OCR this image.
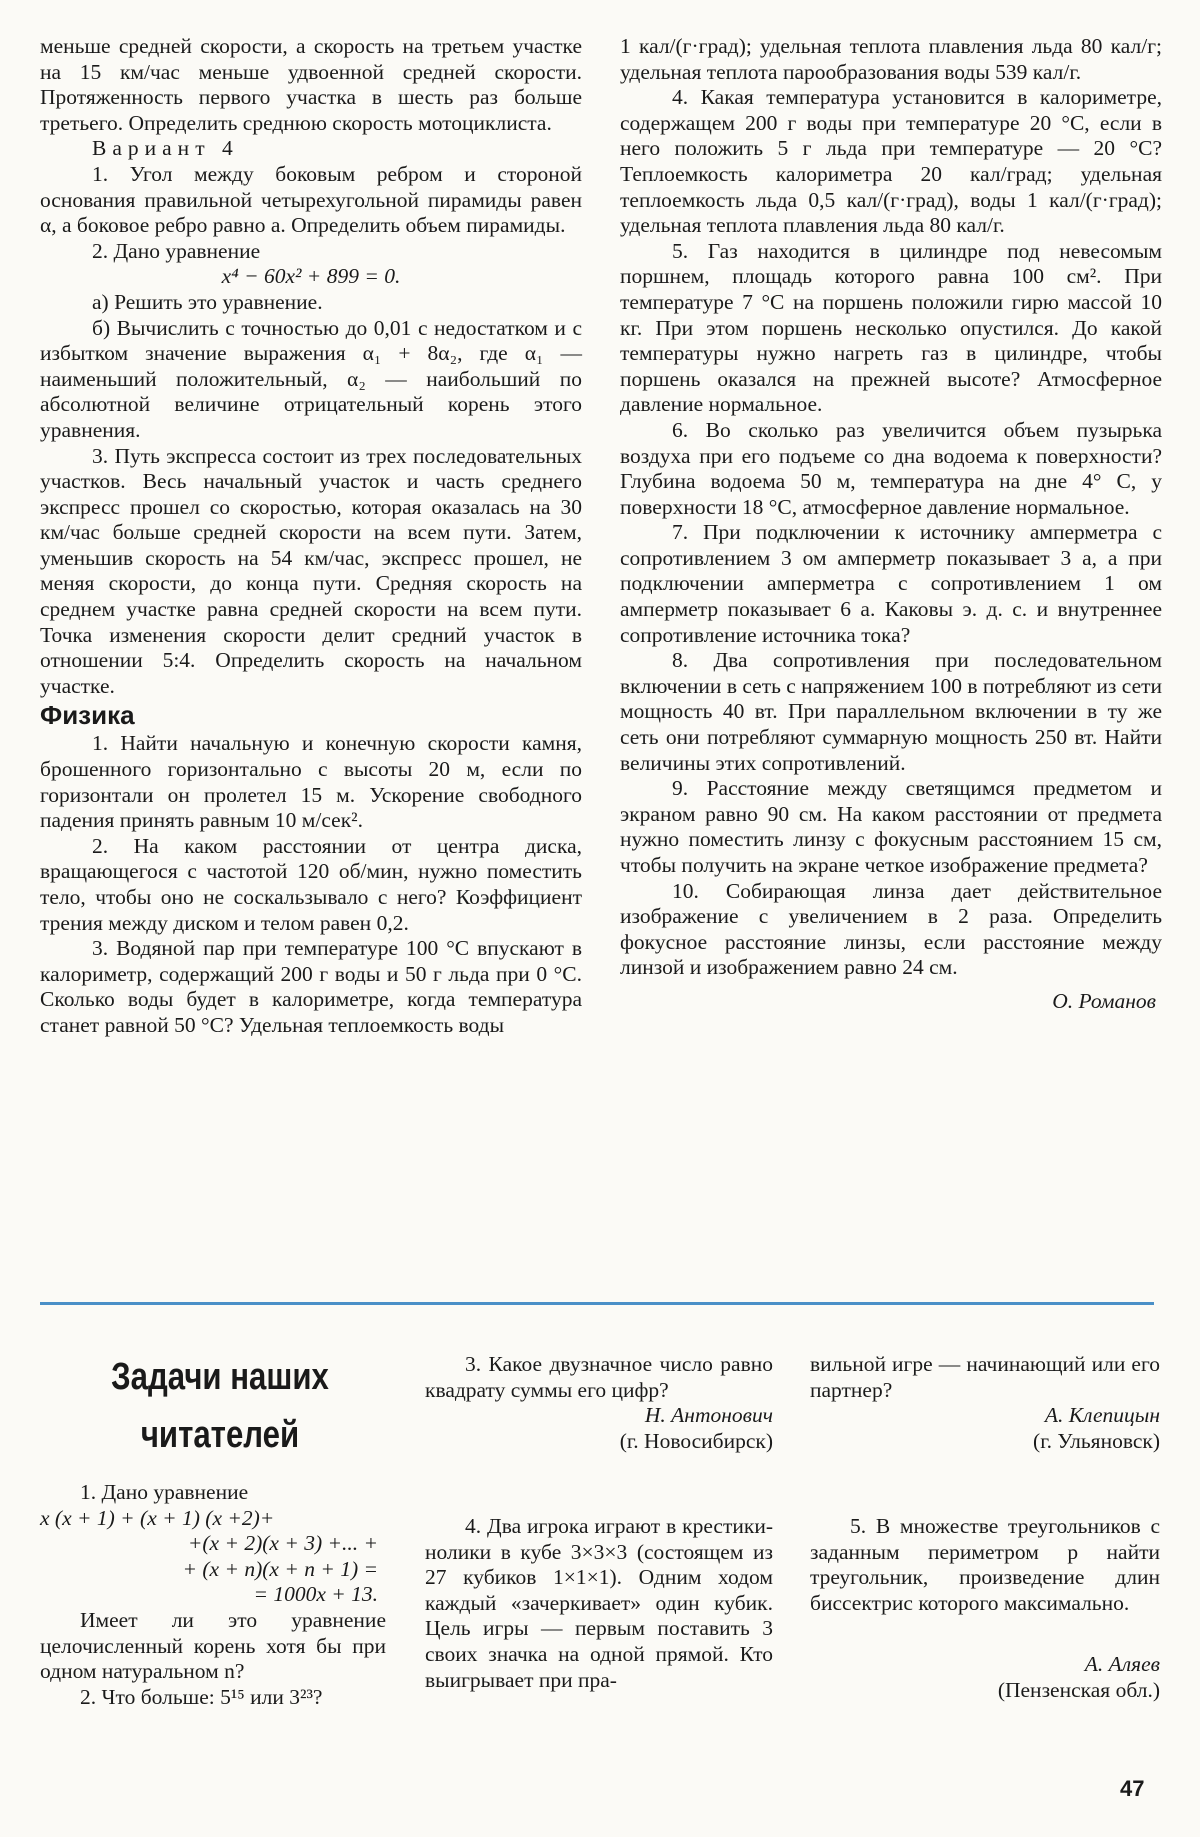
меньше средней скорости, а скорость на третьем участке на 15 км/час меньше удвоенной средней скорости. Протяженность первого участка в шесть раз больше третьего. Определить среднюю скорость мотоциклиста.

Вариант 4

1. Угол между боковым ребром и стороной основания правильной четырехугольной пирамиды равен α, а боковое ребро равно a. Определить объем пирамиды.

2. Дано уравнение

x⁴ − 60x² + 899 = 0.

а) Решить это уравнение.

б) Вычислить с точностью до 0,01 с недостатком и с избытком значение выражения α₁ + 8α₂, где α₁ — наименьший положительный, α₂ — наибольший по абсолютной величине отрицательный корень этого уравнения.

3. Путь экспресса состоит из трех последовательных участков. Весь начальный участок и часть среднего экспресс прошел со скоростью, которая оказалась на 30 км/час больше средней скорости на всем пути. Затем, уменьшив скорость на 54 км/час, экспресс прошел, не меняя скорости, до конца пути. Средняя скорость на среднем участке равна средней скорости на всем пути. Точка изменения скорости делит средний участок в отношении 5:4. Определить скорость на начальном участке.

Физика

1. Найти начальную и конечную скорости камня, брошенного горизонтально с высоты 20 м, если по горизонтали он пролетел 15 м. Ускорение свободного падения принять равным 10 м/сек².

2. На каком расстоянии от центра диска, вращающегося с частотой 120 об/мин, нужно поместить тело, чтобы оно не соскальзывало с него? Коэффициент трения между диском и телом равен 0,2.

3. Водяной пар при температуре 100 °С впускают в калориметр, содержащий 200 г воды и 50 г льда при 0 °С. Сколько воды будет в калориметре, когда температура станет равной 50 °С? Удельная теплоемкость воды

1 кал/(г·град); удельная теплота плавления льда 80 кал/г; удельная теплота парообразования воды 539 кал/г.

4. Какая температура установится в калориметре, содержащем 200 г воды при температуре 20 °С, если в него положить 5 г льда при температуре — 20 °С? Теплоемкость калориметра 20 кал/град; удельная теплоемкость льда 0,5 кал/(г·град), воды 1 кал/(г·град); удельная теплота плавления льда 80 кал/г.

5. Газ находится в цилиндре под невесомым поршнем, площадь которого равна 100 см². При температуре 7 °С на поршень положили гирю массой 10 кг. При этом поршень несколько опустился. До какой температуры нужно нагреть газ в цилиндре, чтобы поршень оказался на прежней высоте? Атмосферное давление нормальное.

6. Во сколько раз увеличится объем пузырька воздуха при его подъеме со дна водоема к поверхности? Глубина водоема 50 м, температура на дне 4° С, у поверхности 18 °С, атмосферное давление нормальное.

7. При подключении к источнику амперметра с сопротивлением 3 ом амперметр показывает 3 а, а при подключении амперметра с сопротивлением 1 ом амперметр показывает 6 а. Каковы э. д. с. и внутреннее сопротивление источника тока?

8. Два сопротивления при последовательном включении в сеть с напряжением 100 в потребляют из сети мощность 40 вт. При параллельном включении в ту же сеть они потребляют суммарную мощность 250 вт. Найти величины этих сопротивлений.

9. Расстояние между светящимся предметом и экраном равно 90 см. На каком расстоянии от предмета нужно поместить линзу с фокусным расстоянием 15 см, чтобы получить на экране четкое изображение предмета?

10. Собирающая линза дает действительное изображение с увеличением в 2 раза. Определить фокусное расстояние линзы, если расстояние между линзой и изображением равно 24 см.

О. Романов

Задачи наших
читателей

1. Дано уравнение

x (x + 1) + (x + 1) (x +2)+

+(x + 2)(x + 3) +... +

+ (x + n)(x + n + 1) =

= 1000x + 13.

Имеет ли это уравнение целочисленный корень хотя бы при одном натуральном n?

2. Что больше: 5¹⁵ или 3²³?

3. Какое двузначное число равно квадрату суммы его цифр?

Н. Антонович

(г. Новосибирск)

4. Два игрока играют в крестики-нолики в кубе 3×3×3 (состоящем из 27 кубиков 1×1×1). Одним ходом каждый «зачеркивает» один кубик. Цель игры — первым поставить 3 своих значка на одной прямой. Кто выигрывает при пра-

вильной игре — начинающий или его партнер?

А. Клепицын

(г. Ульяновск)

5. В множестве треугольников с заданным периметром p найти треугольник, произведение длин биссектрис которого максимально.

А. Аляев

(Пензенская обл.)

47
